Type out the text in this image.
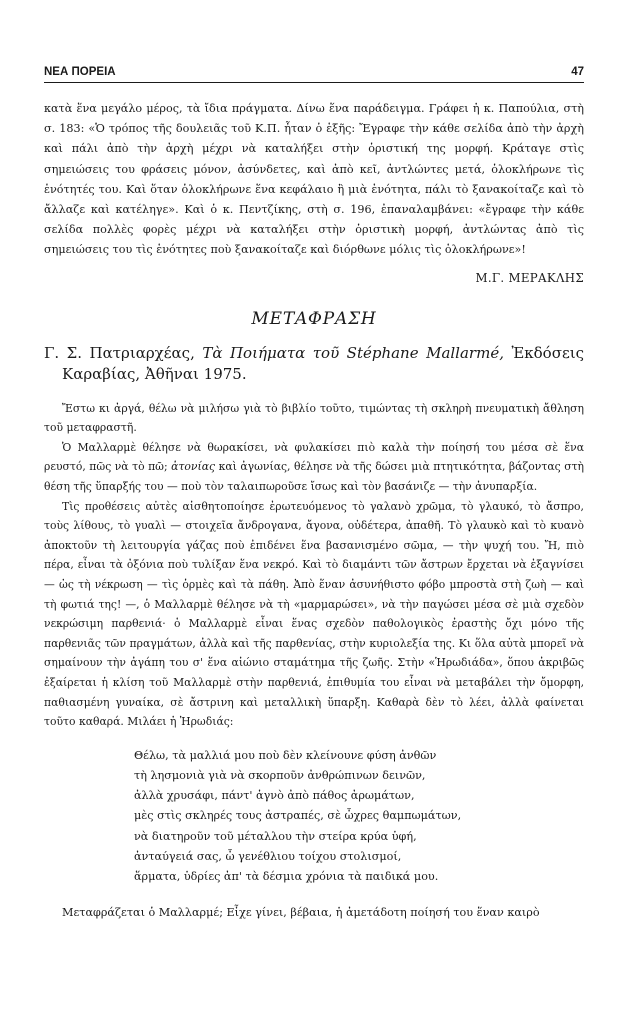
ΝΕΑ ΠΟΡΕΙΑ	47

κατὰ ἕνα μεγάλο μέρος, τὰ ἴδια πράγματα. Δίνω ἕνα παράδειγμα. Γράφει ἡ κ. Παπούλια, στὴ σ. 183: «Ὁ τρόπος τῆς δουλειᾶς τοῦ Κ.Π. ἦταν ὁ ἑξῆς: Ἔγραφε τὴν κάθε σελίδα ἀπὸ τὴν ἀρχὴ καὶ πάλι ἀπὸ τὴν ἀρχὴ μέχρι νὰ καταλήξει στὴν ὁριστική της μορφή. Κράταγε στὶς σημειώσεις του φράσεις μόνον, ἀσύνδετες, καὶ ἀπὸ κεῖ, ἀντλώντες μετά, ὁλοκλήρωνε τὶς ἑνότητές του. Καὶ ὅταν ὁλοκλήρωνε ἕνα κεφάλαιο ἢ μιὰ ἑνότητα, πάλι τὸ ξανακοίταζε καὶ τὸ ἄλλαζε καὶ κατέληγε». Καὶ ὁ κ. Πεντζίκης, στὴ σ. 196, ἐπαναλαμβάνει: «ἔγραφε τὴν κάθε σελίδα πολλὲς φορὲς μέχρι νὰ καταλήξει στὴν ὁριστικὴ μορφή, ἀντλώντας ἀπὸ τὶς σημειώσεις του τὶς ἑνότητες ποὺ ξανακοίταζε καὶ διόρθωνε μόλις τὶς ὁλοκλήρωνε»!

Μ.Γ. ΜΕΡΑΚΛΗΣ
ΜΕΤΑΦΡΑΣΗ
Γ. Σ. Πατριαρχέας, Τὰ Ποιήματα τοῦ Stéphane Mallarmé, Ἐκδόσεις Καραβίας, Ἀθῆναι 1975.

Ἔστω κι ἀργά, θέλω νὰ μιλήσω γιὰ τὸ βιβλίο τοῦτο, τιμώντας τὴ σκληρὴ πνευματικὴ ἄθληση τοῦ μεταφραστῆ.

Ὁ Μαλλαρμὲ θέλησε νὰ θωρακίσει, νὰ φυλακίσει πιὸ καλὰ τὴν ποίησή του μέσα σὲ ἕνα ρευστό, πῶς νὰ τὸ πῶ; ἀτονίας καὶ ἀγωνίας, θέλησε νὰ τῆς δώσει μιὰ πτητικότητα, βάζοντας στὴ θέση τῆς ὕπαρξής του — ποὺ τὸν ταλαιπωροῦσε ἴσως καὶ τὸν βασάνιζε — τὴν ἀνυπαρξία.

Τὶς προθέσεις αὐτὲς αἰσθητοποίησε ἐρωτευόμενος τὸ γαλανὸ χρῶμα, τὸ γλαυκό, τὸ ἄσπρο, τοὺς λίθους, τὸ γυαλὶ — στοιχεῖα ἄνδρογανα, ἄγονα, οὐδέτερα, ἀπαθῆ. Τὸ γλαυκὸ καὶ τὸ κυανὸ ἀποκτοῦν τὴ λειτουργία γάζας ποὺ ἐπιδένει ἕνα βασανισμένο σῶμα, — τὴν ψυχή του. Ἤ, πιὸ πέρα, εἶναι τὰ ὀξόνια ποὺ τυλίξαν ἕνα νεκρό. Καὶ τὸ διαμάντι τῶν ἄστρων ἔρχεται νὰ ἐξαγνίσει — ὡς τὴ νέκρωση — τὶς ὁρμὲς καὶ τὰ πάθη. Ἀπὸ ἕναν ἀσυνήθιστο φόβο μπροστὰ στὴ ζωὴ — καὶ τὴ φωτιά της! —, ὁ Μαλλαρμὲ θέλησε νὰ τὴ «μαρμαρώσει», νὰ τὴν παγώσει μέσα σὲ μιὰ σχεδὸν νεκρώσιμη παρθενιά· ὁ Μαλλαρμὲ εἶναι ἕνας σχεδὸν παθολογικὸς ἐραστὴς ὄχι μόνο τῆς παρθενιᾶς τῶν πραγμάτων, ἀλλὰ καὶ τῆς παρθενίας, στὴν κυριολεξία της. Κι ὅλα αὐτὰ μπορεῖ νὰ σημαίνουν τὴν ἀγάπη του σ' ἕνα αἰώνιο σταμάτημα τῆς ζωῆς. Στὴν «Ἡρωδιάδα», ὅπου ἀκριβῶς ἐξαίρεται ἡ κλίση τοῦ Μαλλαρμὲ στὴν παρθενιά, ἐπιθυμία του εἶναι νὰ μεταβάλει τὴν ὄμορφη, παθιασμένη γυναίκα, σὲ ἄστρινη καὶ μεταλλικὴ ὕπαρξη. Καθαρὰ δὲν τὸ λέει, ἀλλὰ φαίνεται τοῦτο καθαρά. Μιλάει ἡ Ἡρωδιάς:

Θέλω, τὰ μαλλιά μου ποὺ δὲν κλείνουνε φύση ἀνθῶν
τὴ λησμονιὰ γιὰ νὰ σκορποῦν ἀνθρώπινων δεινῶν,
ἀλλὰ χρυσάφι, πάντ' ἁγνὸ ἀπὸ πάθος ἀρωμάτων,
μὲς στὶς σκληρές τους ἀστραπές, σὲ ὦχρες θαμπωμάτων,
νὰ διατηροῦν τοῦ μέταλλου τὴν στείρα κρύα ὑφή,
ἀνταύγειά σας, ὦ γενέθλιου τοίχου στολισμοί,
ἅρματα, ὑδρίες ἀπ' τὰ δέσμια χρόνια τὰ παιδικά μου.

Μεταφράζεται ὁ Μαλλαρμέ; Εἶχε γίνει, βέβαια, ἡ ἀμετάδοτη ποίησή του ἕναν καιρὸ
